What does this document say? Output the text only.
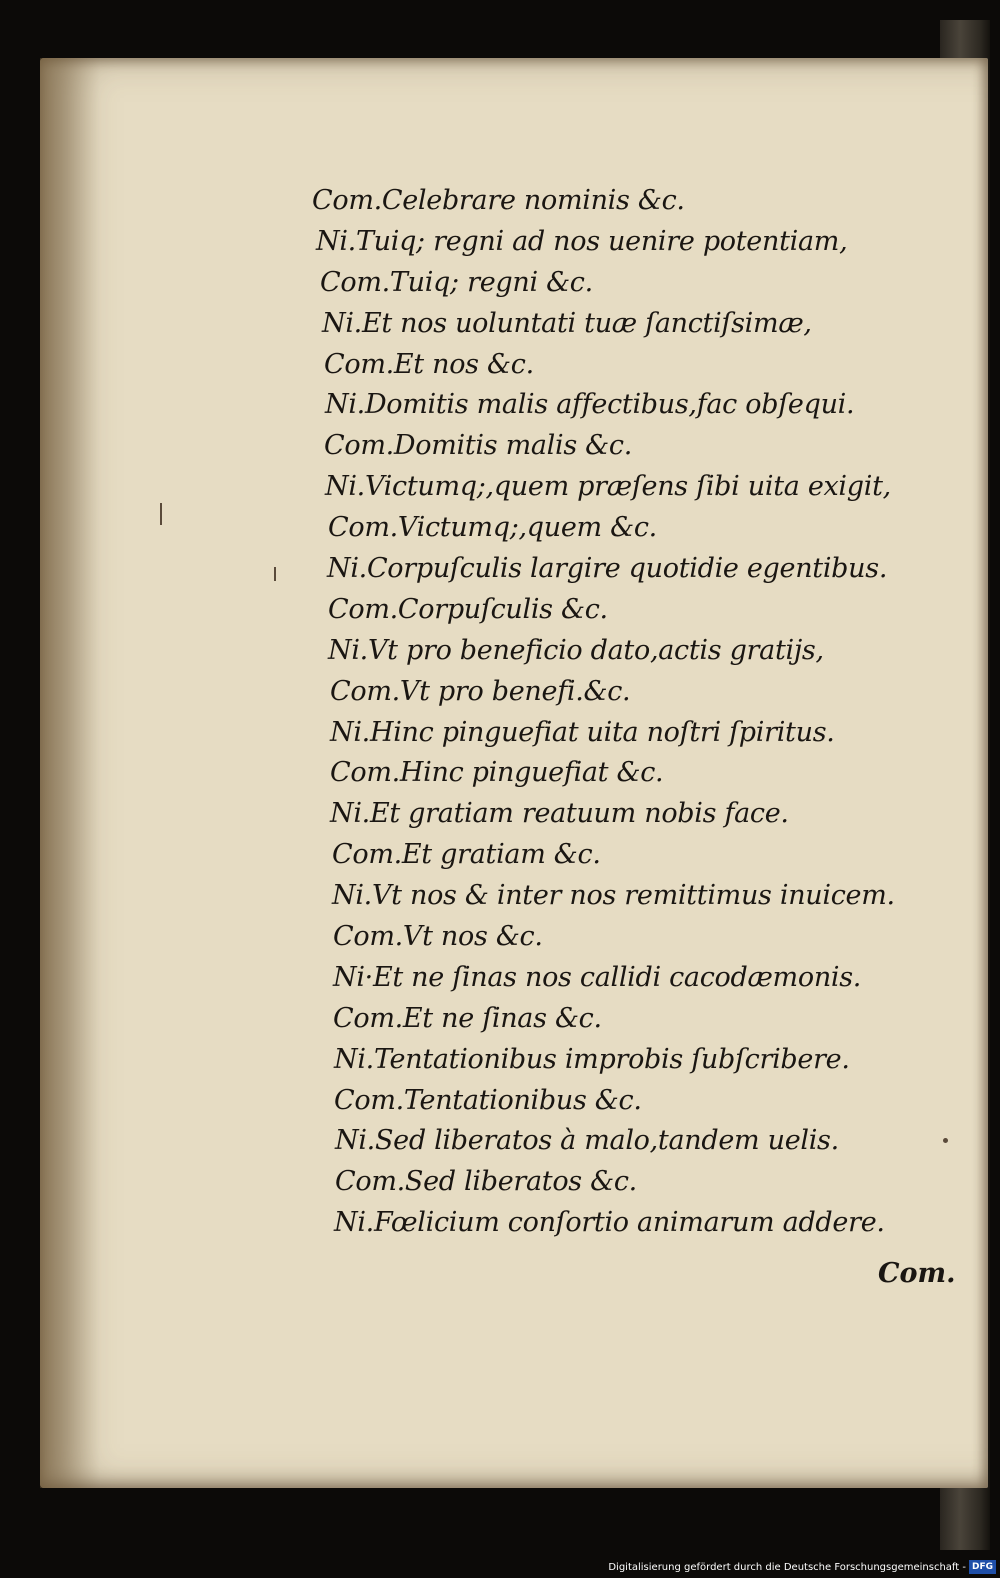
Com.Celebrare nominis &c.
Ni.Tuiq; regni ad nos uenire potentiam,
Com.Tuiq; regni &c.
Ni.Et nos uoluntati tuæ ſanctiſsimæ,
Com.Et nos &c.
Ni.Domitis malis affectibus,fac obſequi.
Com.Domitis malis &c.
Ni.Victumq;,quem præſens ſibi uita exigit,
Com.Victumq;,quem &c.
Ni.Corpuſculis largire quotidie egentibus.
Com.Corpuſculis &c.
Ni.Vt pro beneficio dato,actis gratijs,
Com.Vt pro benefi.&c.
Ni.Hinc pinguefiat uita noſtri ſpiritus.
Com.Hinc pinguefiat &c.
Ni.Et gratiam reatuum nobis face.
Com.Et gratiam &c.
Ni.Vt nos & inter nos remittimus inuicem.
Com.Vt nos &c.
Ni·Et ne ſinas nos callidi cacodæmonis.
Com.Et ne ſinas &c.
Ni.Tentationibus improbis ſubſcribere.
Com.Tentationibus &c.
Ni.Sed liberatos à malo,tandem uelis.
Com.Sed liberatos &c.
Ni.Fœlicium conſortio animarum addere.
Com.
Digitalisierung gefördert durch die Deutsche Forschungsgemeinschaft - DFG
